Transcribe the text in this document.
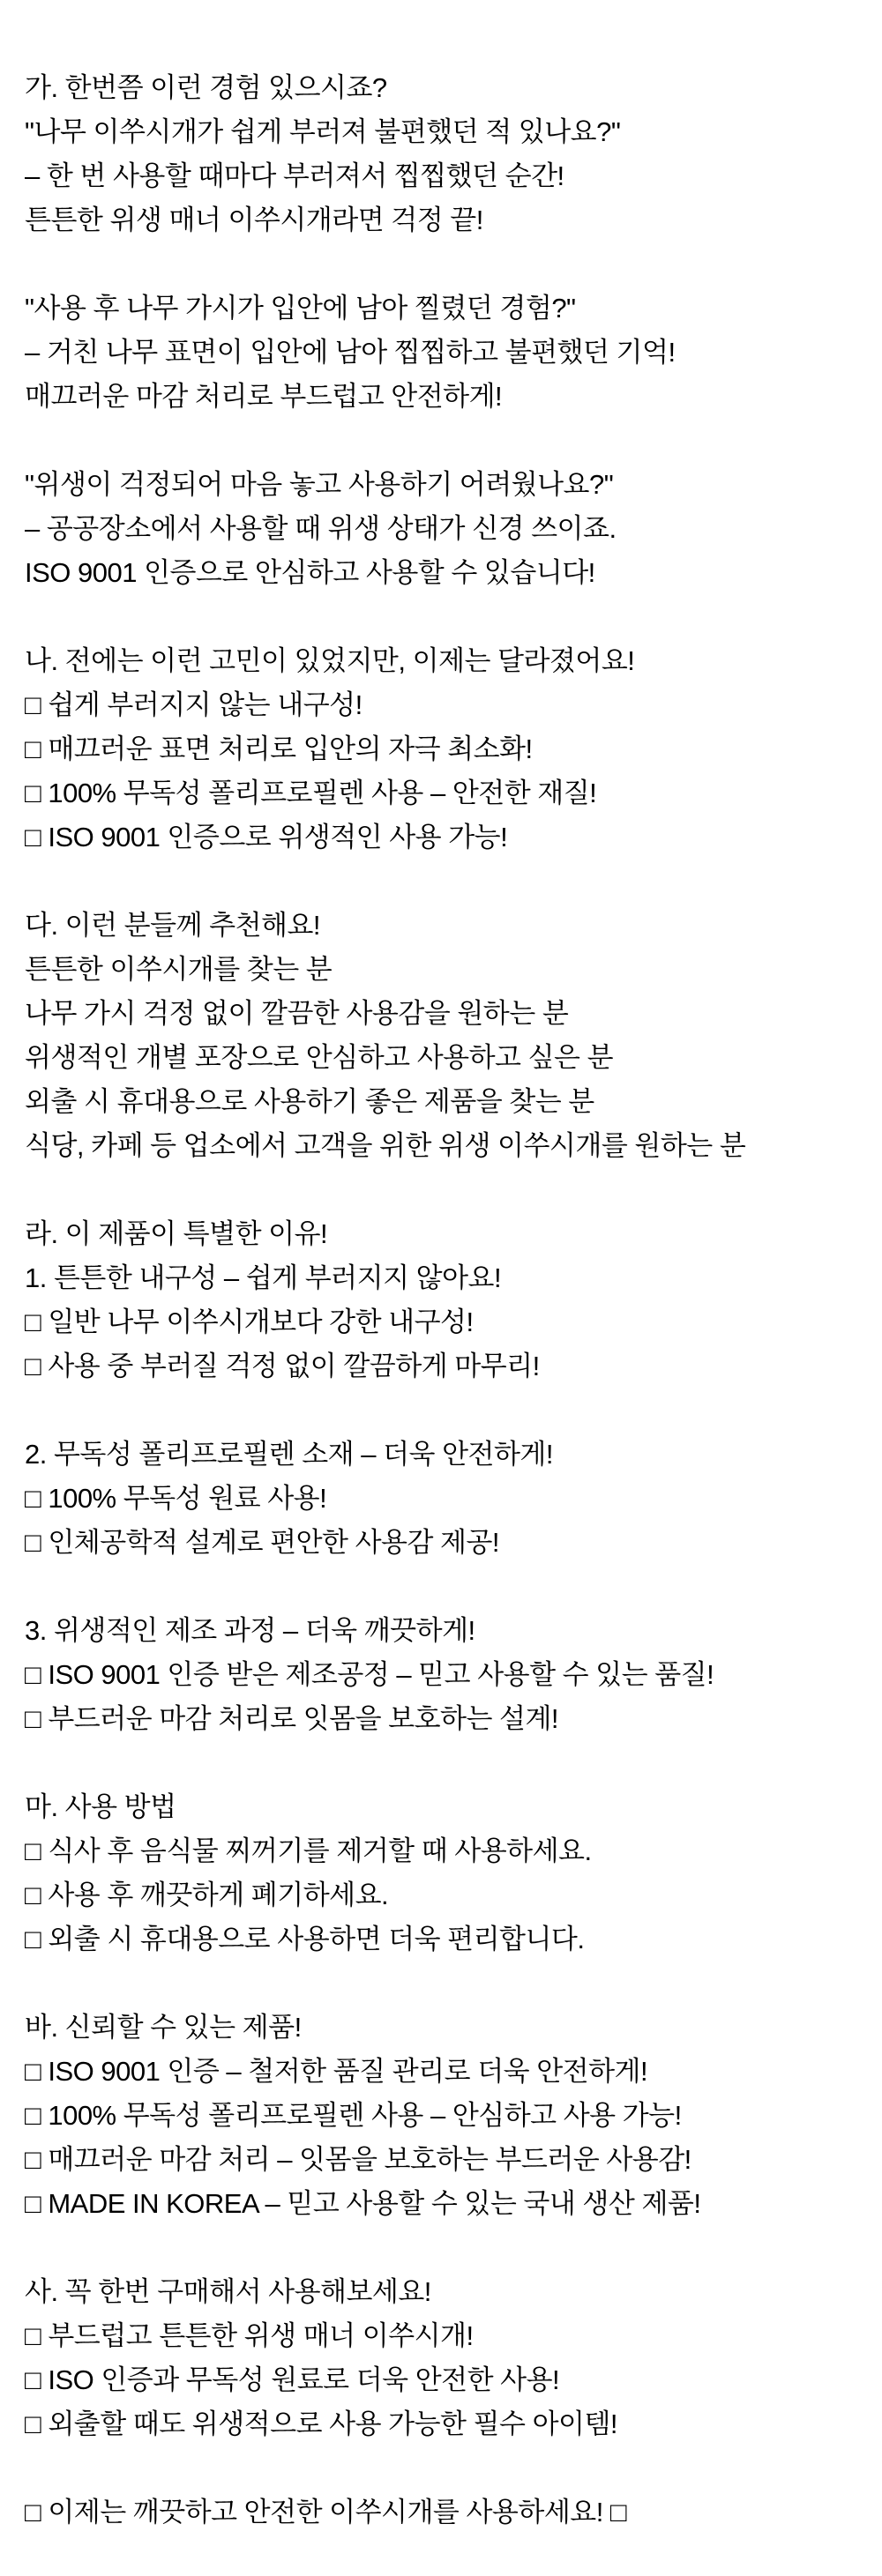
가. 한번쯤 이런 경험 있으시죠?
"나무 이쑤시개가 쉽게 부러져 불편했던 적 있나요?"
– 한 번 사용할 때마다 부러져서 찝찝했던 순간!
튼튼한 위생 매너 이쑤시개라면 걱정 끝!
"사용 후 나무 가시가 입안에 남아 찔렸던 경험?"
– 거친 나무 표면이 입안에 남아 찝찝하고 불편했던 기억!
매끄러운 마감 처리로 부드럽고 안전하게!
"위생이 걱정되어 마음 놓고 사용하기 어려웠나요?"
– 공공장소에서 사용할 때 위생 상태가 신경 쓰이죠.
ISO 9001 인증으로 안심하고 사용할 수 있습니다!
나. 전에는 이런 고민이 있었지만, 이제는 달라졌어요!
□ 쉽게 부러지지 않는 내구성!
□ 매끄러운 표면 처리로 입안의 자극 최소화!
□ 100% 무독성 폴리프로필렌 사용 – 안전한 재질!
□ ISO 9001 인증으로 위생적인 사용 가능!
다. 이런 분들께 추천해요!
튼튼한 이쑤시개를 찾는 분
나무 가시 걱정 없이 깔끔한 사용감을 원하는 분
위생적인 개별 포장으로 안심하고 사용하고 싶은 분
외출 시 휴대용으로 사용하기 좋은 제품을 찾는 분
식당, 카페 등 업소에서 고객을 위한 위생 이쑤시개를 원하는 분
라. 이 제품이 특별한 이유!
1. 튼튼한 내구성 – 쉽게 부러지지 않아요!
□ 일반 나무 이쑤시개보다 강한 내구성!
□ 사용 중 부러질 걱정 없이 깔끔하게 마무리!
2. 무독성 폴리프로필렌 소재 – 더욱 안전하게!
□ 100% 무독성 원료 사용!
□ 인체공학적 설계로 편안한 사용감 제공!
3. 위생적인 제조 과정 – 더욱 깨끗하게!
□ ISO 9001 인증 받은 제조공정 – 믿고 사용할 수 있는 품질!
□ 부드러운 마감 처리로 잇몸을 보호하는 설계!
마. 사용 방법
□ 식사 후 음식물 찌꺼기를 제거할 때 사용하세요.
□ 사용 후 깨끗하게 폐기하세요.
□ 외출 시 휴대용으로 사용하면 더욱 편리합니다.
바. 신뢰할 수 있는 제품!
□ ISO 9001 인증 – 철저한 품질 관리로 더욱 안전하게!
□ 100% 무독성 폴리프로필렌 사용 – 안심하고 사용 가능!
□ 매끄러운 마감 처리 – 잇몸을 보호하는 부드러운 사용감!
□ MADE IN KOREA – 믿고 사용할 수 있는 국내 생산 제품!
사. 꼭 한번 구매해서 사용해보세요!
□ 부드럽고 튼튼한 위생 매너 이쑤시개!
□ ISO 인증과 무독성 원료로 더욱 안전한 사용!
□ 외출할 때도 위생적으로 사용 가능한 필수 아이템!
□ 이제는 깨끗하고 안전한 이쑤시개를 사용하세요! □
